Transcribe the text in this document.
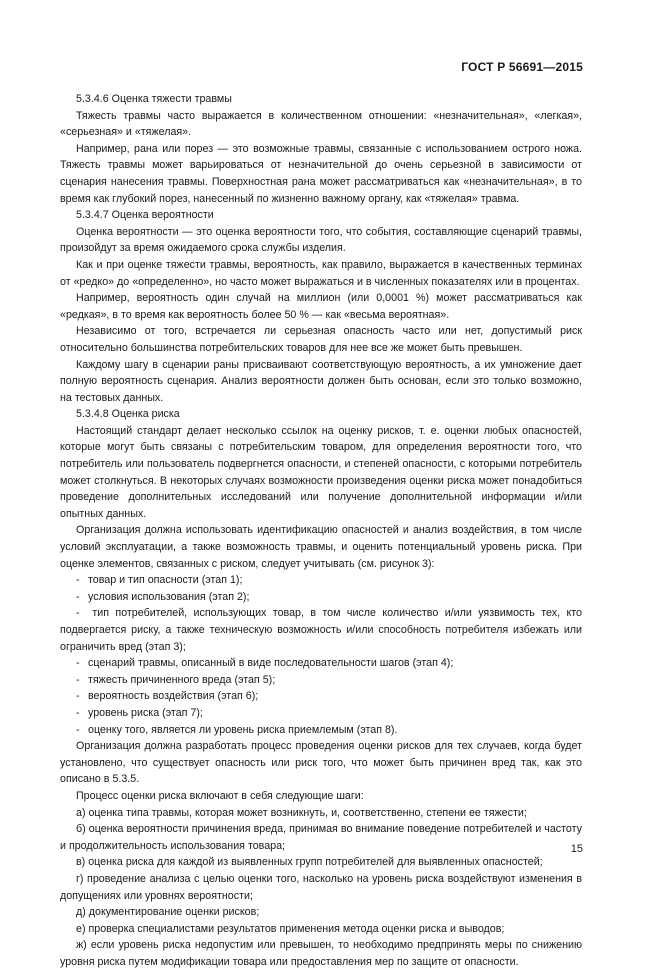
ГОСТ Р 56691—2015

5.3.4.6 Оценка тяжести травмы

Тяжесть травмы часто выражается в количественном отношении: «незначительная», «легкая», «серьезная» и «тяжелая».

Например, рана или порез — это возможные травмы, связанные с использованием острого ножа. Тяжесть травмы может варьироваться от незначительной до очень серьезной в зависимости от сценария нанесения травмы. Поверхностная рана может рассматриваться как «незначительная», в то время как глубокий порез, нанесенный по жизненно важному органу, как «тяжелая» травма.

5.3.4.7 Оценка вероятности

Оценка вероятности — это оценка вероятности того, что события, составляющие сценарий травмы, произойдут за время ожидаемого срока службы изделия.

Как и при оценке тяжести травмы, вероятность, как правило, выражается в качественных терминах от «редко» до «определенно», но часто может выражаться и в численных показателях или в процентах.

Например, вероятность один случай на миллион (или 0,0001 %) может рассматриваться как «редкая», в то время как вероятность более 50 % — как «весьма вероятная».

Независимо от того, встречается ли серьезная опасность часто или нет, допустимый риск относительно большинства потребительских товаров для нее все же может быть превышен.

Каждому шагу в сценарии раны присваивают соответствующую вероятность, а их умножение дает полную вероятность сценария. Анализ вероятности должен быть основан, если это только возможно, на тестовых данных.

5.3.4.8 Оценка риска

Настоящий стандарт делает несколько ссылок на оценку рисков, т. е. оценки любых опасностей, которые могут быть связаны с потребительским товаром, для определения вероятности того, что потребитель или пользователь подвергнется опасности, и степеней опасности, с которыми потребитель может столкнуться. В некоторых случаях возможности произведения оценки риска может понадобиться проведение дополнительных исследований или получение дополнительной информации и/или опытных данных.

Организация должна использовать идентификацию опасностей и анализ воздействия, в том числе условий эксплуатации, а также возможность травмы, и оценить потенциальный уровень риска. При оценке элементов, связанных с риском, следует учитывать (см. рисунок 3):

- товар и тип опасности (этап 1);

- условия использования (этап 2);

- тип потребителей, использующих товар, в том числе количество и/или уязвимость тех, кто подвергается риску, а также техническую возможность и/или способность потребителя избежать или ограничить вред (этап 3);

- сценарий травмы, описанный в виде последовательности шагов (этап 4);

- тяжесть причиненного вреда (этап 5);

- вероятность воздействия (этап 6);

- уровень риска (этап 7);

- оценку того, является ли уровень риска приемлемым (этап 8).

Организация должна разработать процесс проведения оценки рисков для тех случаев, когда будет установлено, что существует опасность или риск того, что может быть причинен вред так, как это описано в 5.3.5.

Процесс оценки риска включают в себя следующие шаги:

а) оценка типа травмы, которая может возникнуть, и, соответственно, степени ее тяжести;

б) оценка вероятности причинения вреда, принимая во внимание поведение потребителей и частоту и продолжительность использования товара;

в) оценка риска для каждой из выявленных групп потребителей для выявленных опасностей;

г) проведение анализа с целью оценки того, насколько на уровень риска воздействуют изменения в допущениях или уровнях вероятности;

д) документирование оценки рисков;

е) проверка специалистами результатов применения метода оценки риска и выводов;

ж) если уровень риска недопустим или превышен, то необходимо предпринять меры по снижению уровня риска путем модификации товара или предоставления мер по защите от опасности.

15
